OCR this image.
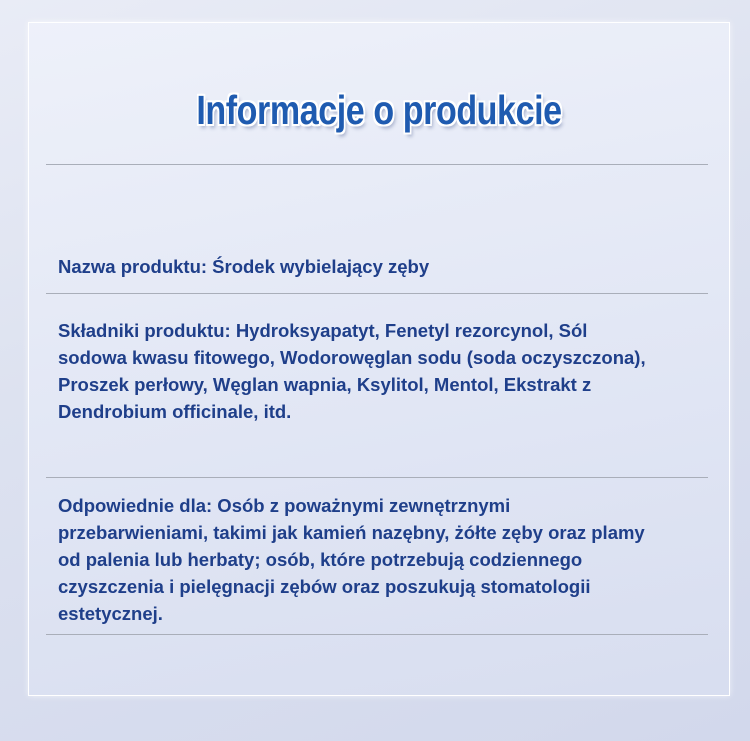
Informacje o produkcie

Nazwa produktu: Środek wybielający zęby

Składniki produktu: Hydroksyapatyt, Fenetyl rezorcynol, Sól sodowa kwasu fitowego, Wodorowęglan sodu (soda oczyszczona), Proszek perłowy, Węglan wapnia, Ksylitol, Mentol, Ekstrakt z Dendrobium officinale, itd.

Odpowiednie dla: Osób z poważnymi zewnętrznymi przebarwieniami, takimi jak kamień nazębny, żółte zęby oraz plamy od palenia lub herbaty; osób, które potrzebują codziennego czyszczenia i pielęgnacji zębów oraz poszukują stomatologii estetycznej.
